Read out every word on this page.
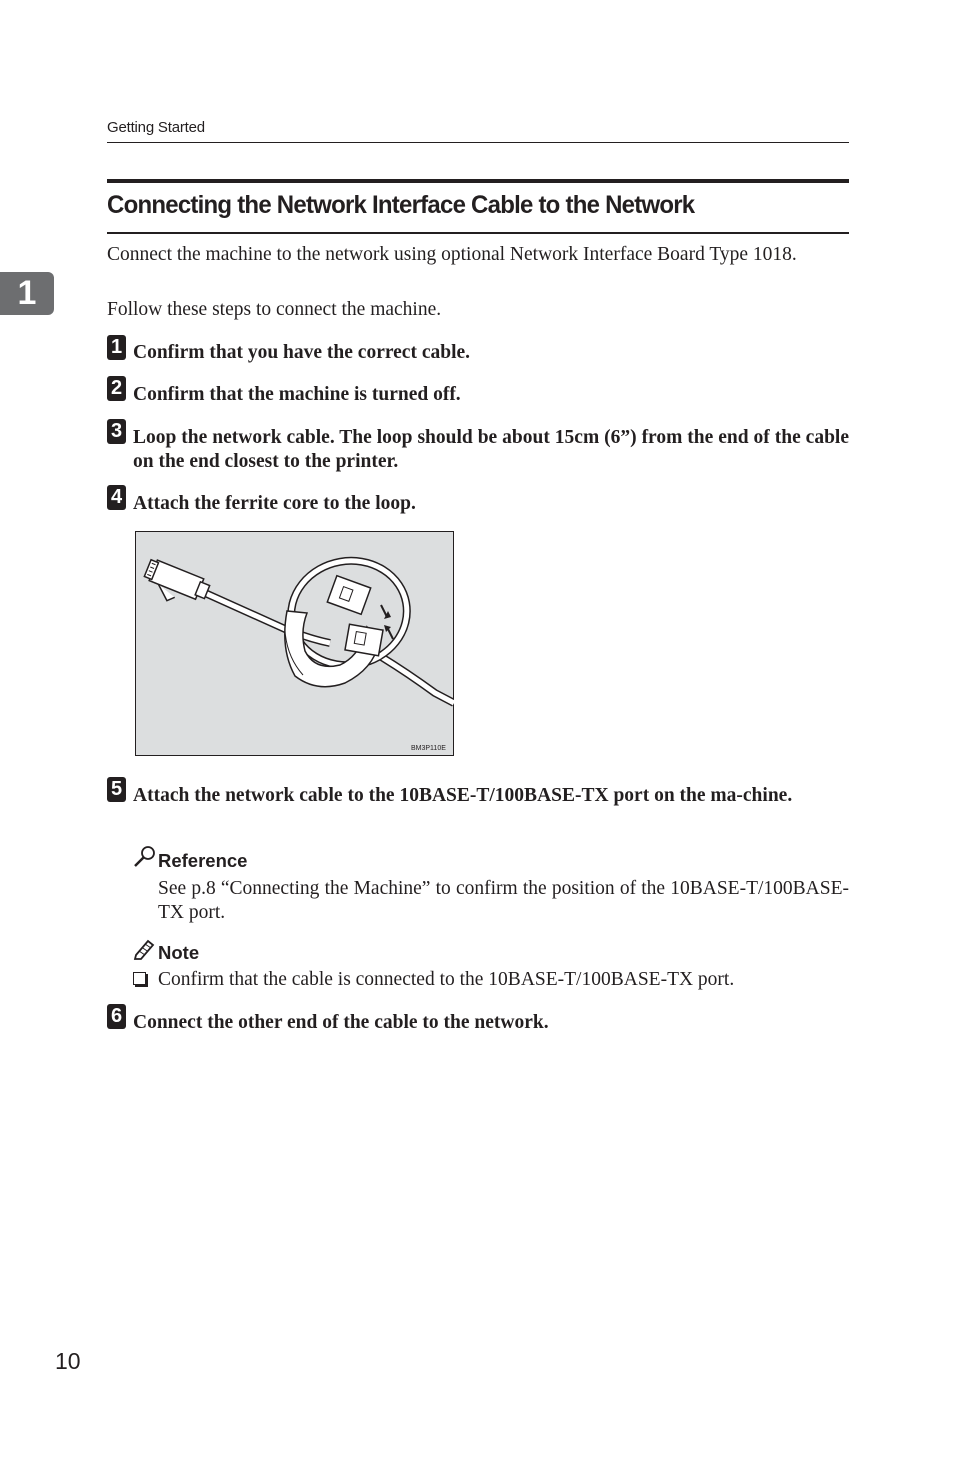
Getting Started
1
Connecting the Network Interface Cable to the Network
Connect the machine to the network using optional Network Interface Board Type 1018.
Follow these steps to connect the machine.
1 Confirm that you have the correct cable.
2 Confirm that the machine is turned off.
3 Loop the network cable. The loop should be about 15cm (6”) from the end of the cable on the end closest to the printer.
4 Attach the ferrite core to the loop.
BM3P110E
5 Attach the network cable to the 10BASE-T/100BASE-TX port on the ma-chine.
Reference
See p.8 “Connecting the Machine” to confirm the position of the 10BASE-T/100BASE-TX port.
Note
Confirm that the cable is connected to the 10BASE-T/100BASE-TX port.
6 Connect the other end of the cable to the network.
10
